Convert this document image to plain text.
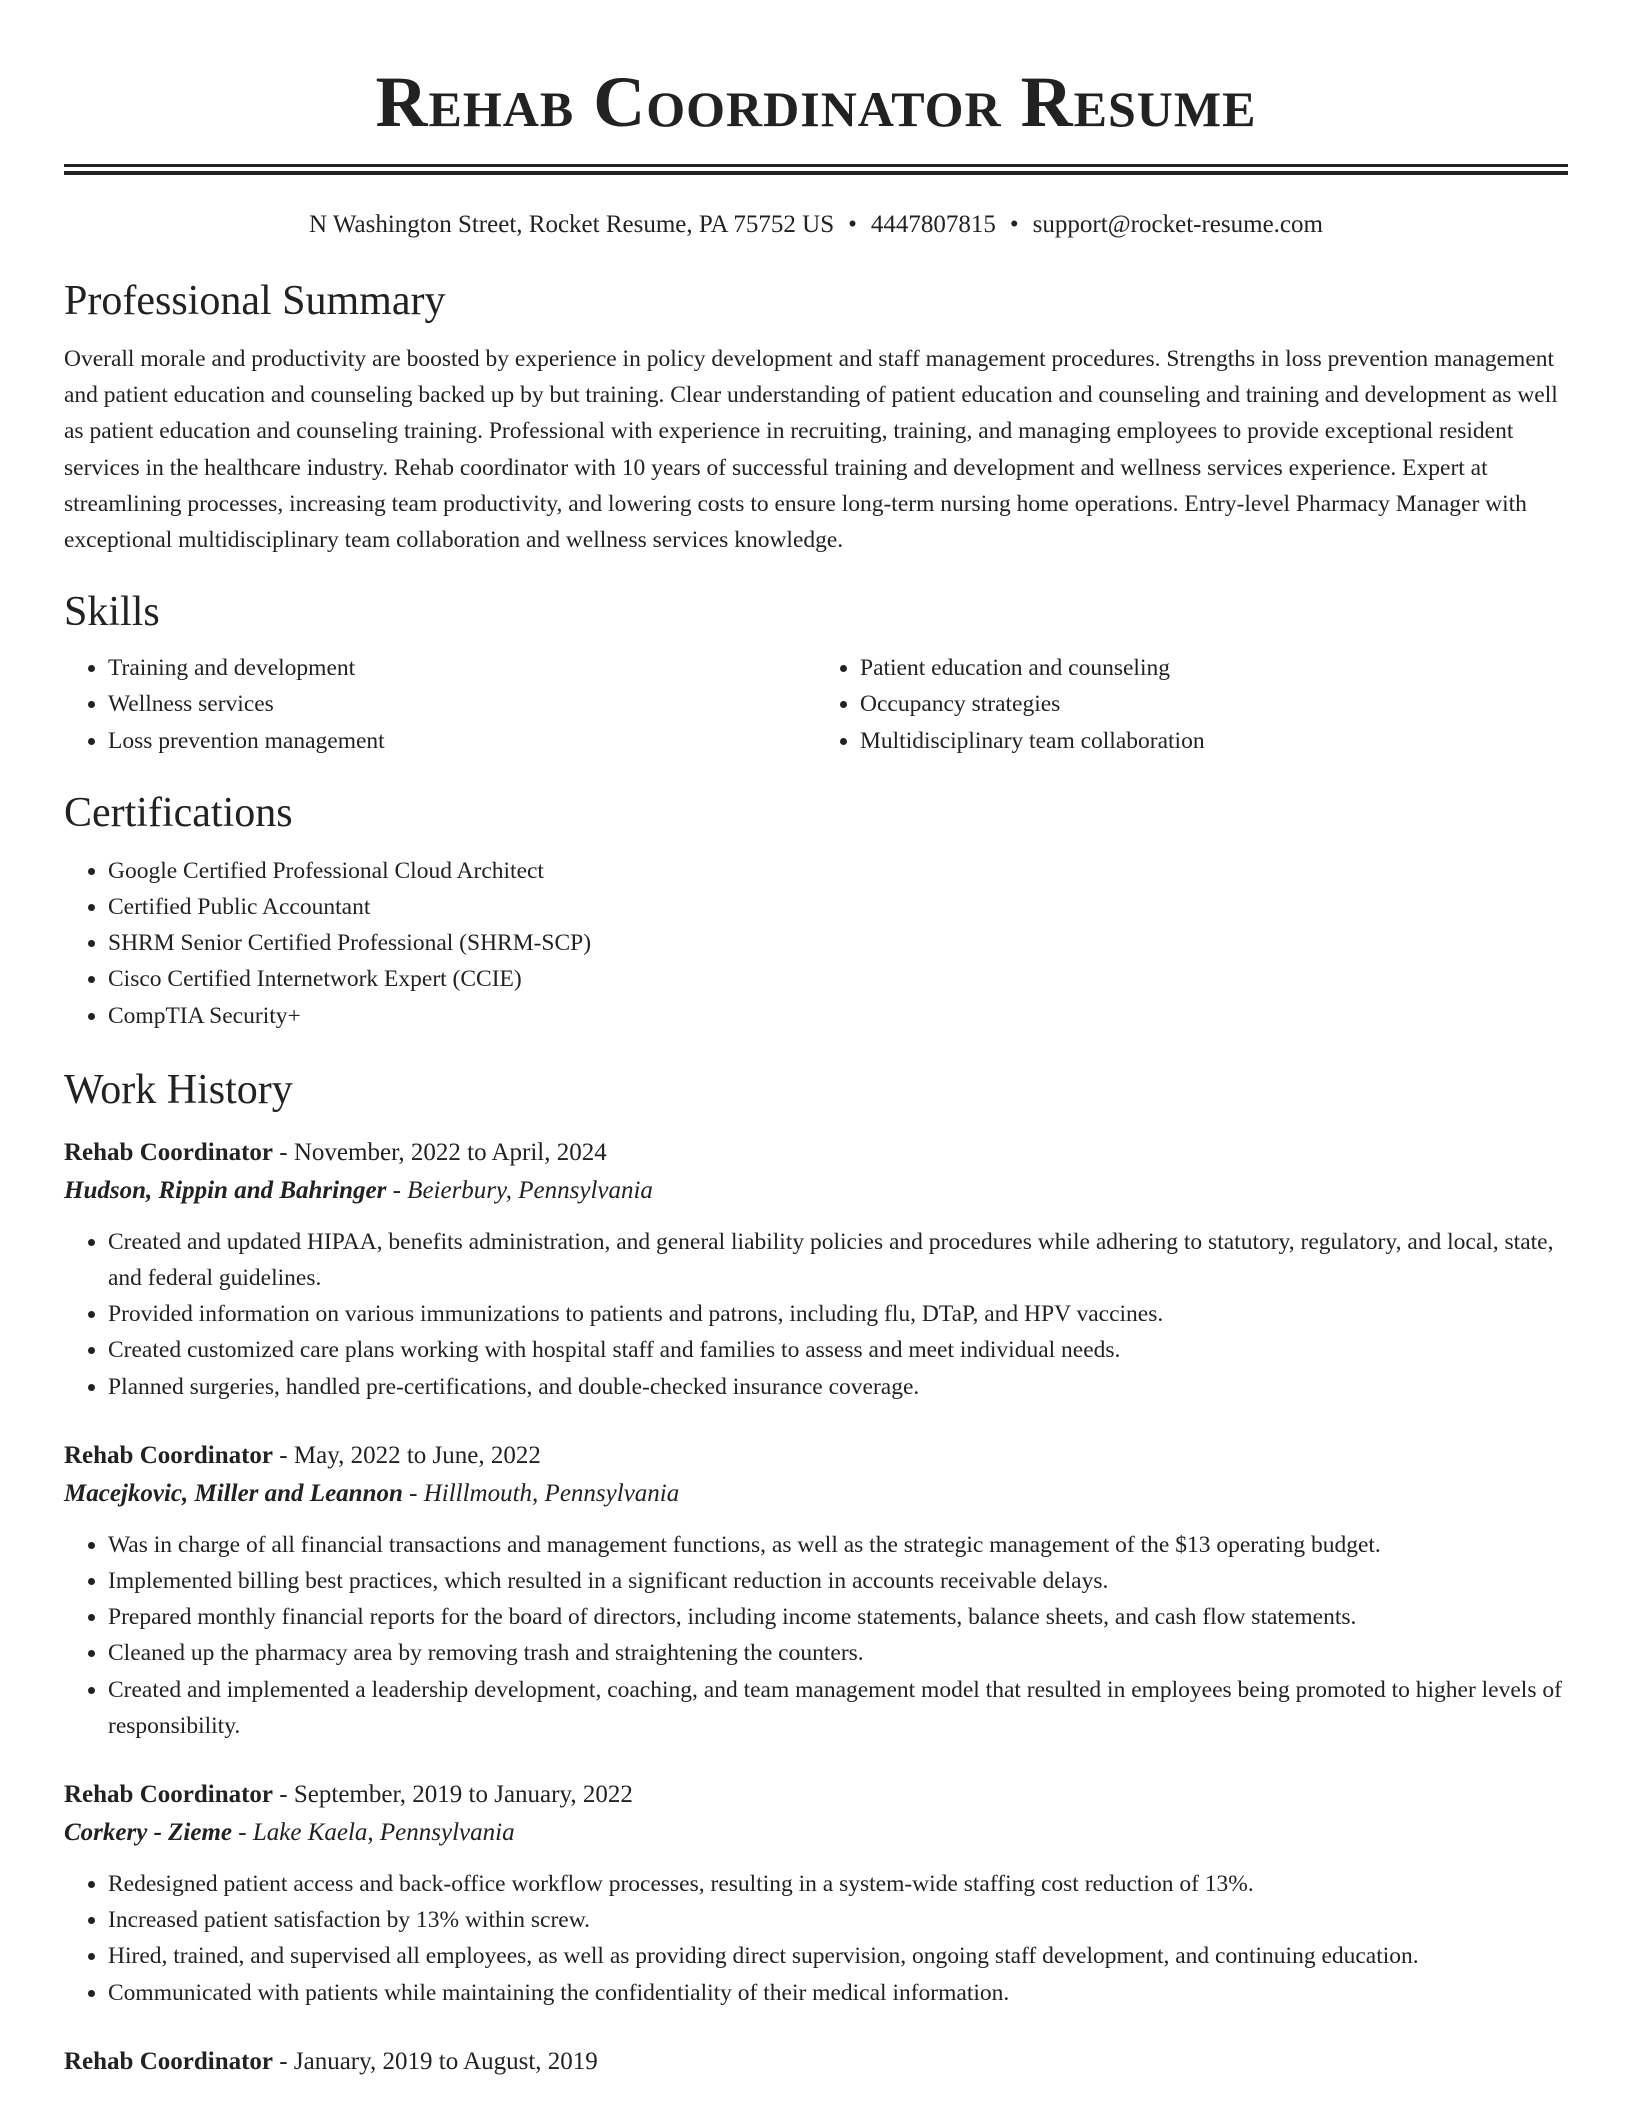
Rehab Coordinator Resume
N Washington Street, Rocket Resume, PA 75752 US • 4447807815 • support@rocket-resume.com
Professional Summary

Overall morale and productivity are boosted by experience in policy development and staff management procedures. Strengths in loss prevention management and patient education and counseling backed up by but training. Clear understanding of patient education and counseling and training and development as well as patient education and counseling training. Professional with experience in recruiting, training, and managing employees to provide exceptional resident services in the healthcare industry. Rehab coordinator with 10 years of successful training and development and wellness services experience. Expert at streamlining processes, increasing team productivity, and lowering costs to ensure long-term nursing home operations. Entry-level Pharmacy Manager with exceptional multidisciplinary team collaboration and wellness services knowledge.

Skills
• Training and development
• Wellness services
• Loss prevention management
• Patient education and counseling
• Occupancy strategies
• Multidisciplinary team collaboration
Certifications
• Google Certified Professional Cloud Architect
• Certified Public Accountant
• SHRM Senior Certified Professional (SHRM-SCP)
• Cisco Certified Internetwork Expert (CCIE)
• CompTIA Security+
Work History
Rehab Coordinator - November, 2022 to April, 2024
Hudson, Rippin and Bahringer - Beierbury, Pennsylvania
• Created and updated HIPAA, benefits administration, and general liability policies and procedures while adhering to statutory, regulatory, and local, state, and federal guidelines.
• Provided information on various immunizations to patients and patrons, including flu, DTaP, and HPV vaccines.
• Created customized care plans working with hospital staff and families to assess and meet individual needs.
• Planned surgeries, handled pre-certifications, and double-checked insurance coverage.
Rehab Coordinator - May, 2022 to June, 2022
Macejkovic, Miller and Leannon - Hilllmouth, Pennsylvania
• Was in charge of all financial transactions and management functions, as well as the strategic management of the $13 operating budget.
• Implemented billing best practices, which resulted in a significant reduction in accounts receivable delays.
• Prepared monthly financial reports for the board of directors, including income statements, balance sheets, and cash flow statements.
• Cleaned up the pharmacy area by removing trash and straightening the counters.
• Created and implemented a leadership development, coaching, and team management model that resulted in employees being promoted to higher levels of responsibility.
Rehab Coordinator - September, 2019 to January, 2022
Corkery - Zieme - Lake Kaela, Pennsylvania
• Redesigned patient access and back-office workflow processes, resulting in a system-wide staffing cost reduction of 13%.
• Increased patient satisfaction by 13% within screw.
• Hired, trained, and supervised all employees, as well as providing direct supervision, ongoing staff development, and continuing education.
• Communicated with patients while maintaining the confidentiality of their medical information.
Rehab Coordinator - January, 2019 to August, 2019
